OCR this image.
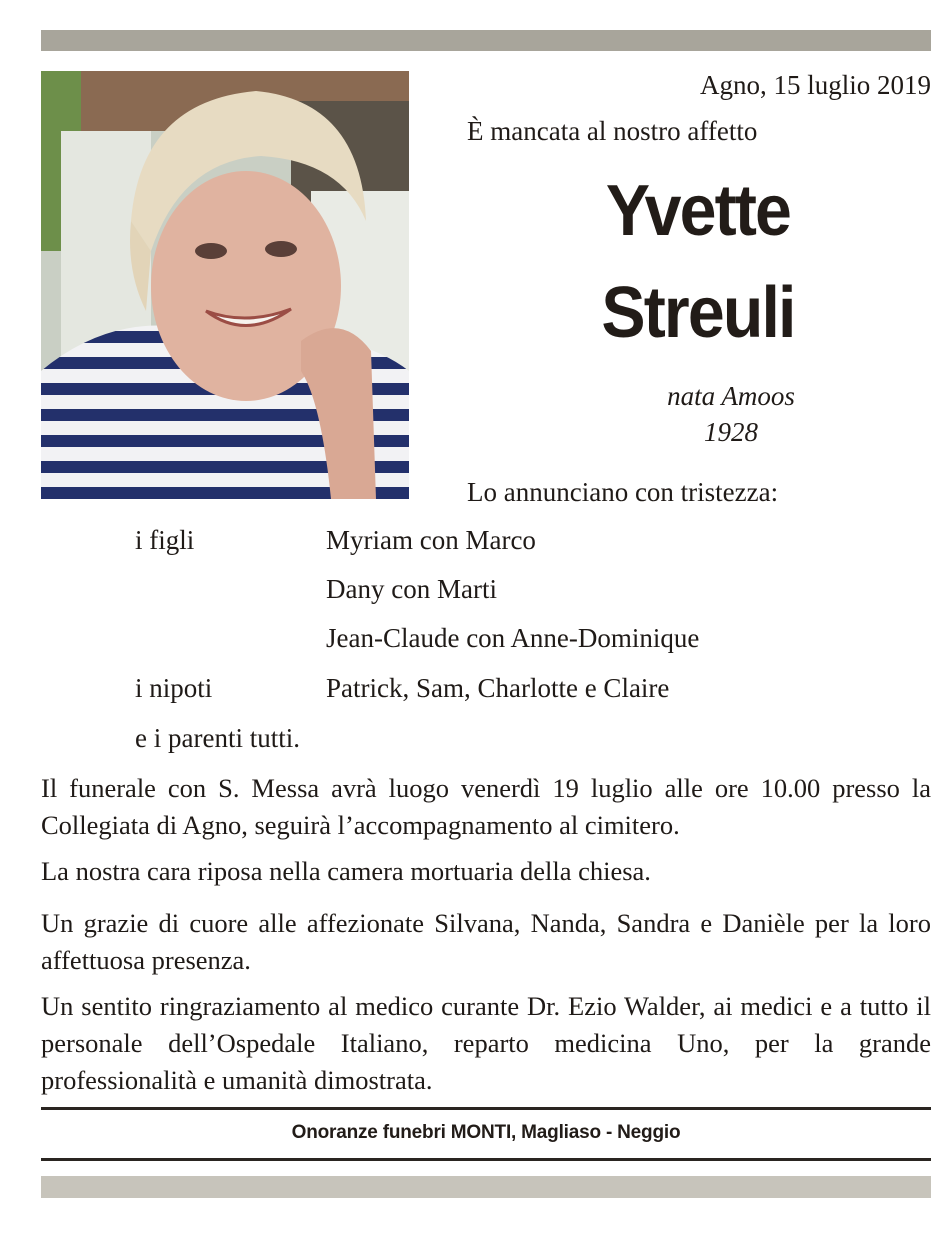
Agno, 15 luglio 2019
È mancata al nostro affetto
Yvette
Streuli
nata Amoos
1928
Lo annunciano con tristezza:
i figli	Myriam con Marco
Dany con Marti
Jean-Claude con Anne-Dominique
i nipoti	Patrick, Sam, Charlotte e Claire
e i parenti tutti.
Il funerale con S. Messa avrà luogo venerdì 19 luglio alle ore 10.00 presso la Collegiata di Agno, seguirà l’accompagnamento al cimitero.
La nostra cara riposa nella camera mortuaria della chiesa.
Un grazie di cuore alle affezionate Silvana, Nanda, Sandra e Danièle per la loro affettuosa presenza.
Un sentito ringraziamento al medico curante Dr. Ezio Walder, ai medici e a tutto il personale dell’Ospedale Italiano, reparto medicina Uno, per la grande professionalità e umanità dimostrata.
Onoranze funebri MONTI, Magliaso - Neggio
